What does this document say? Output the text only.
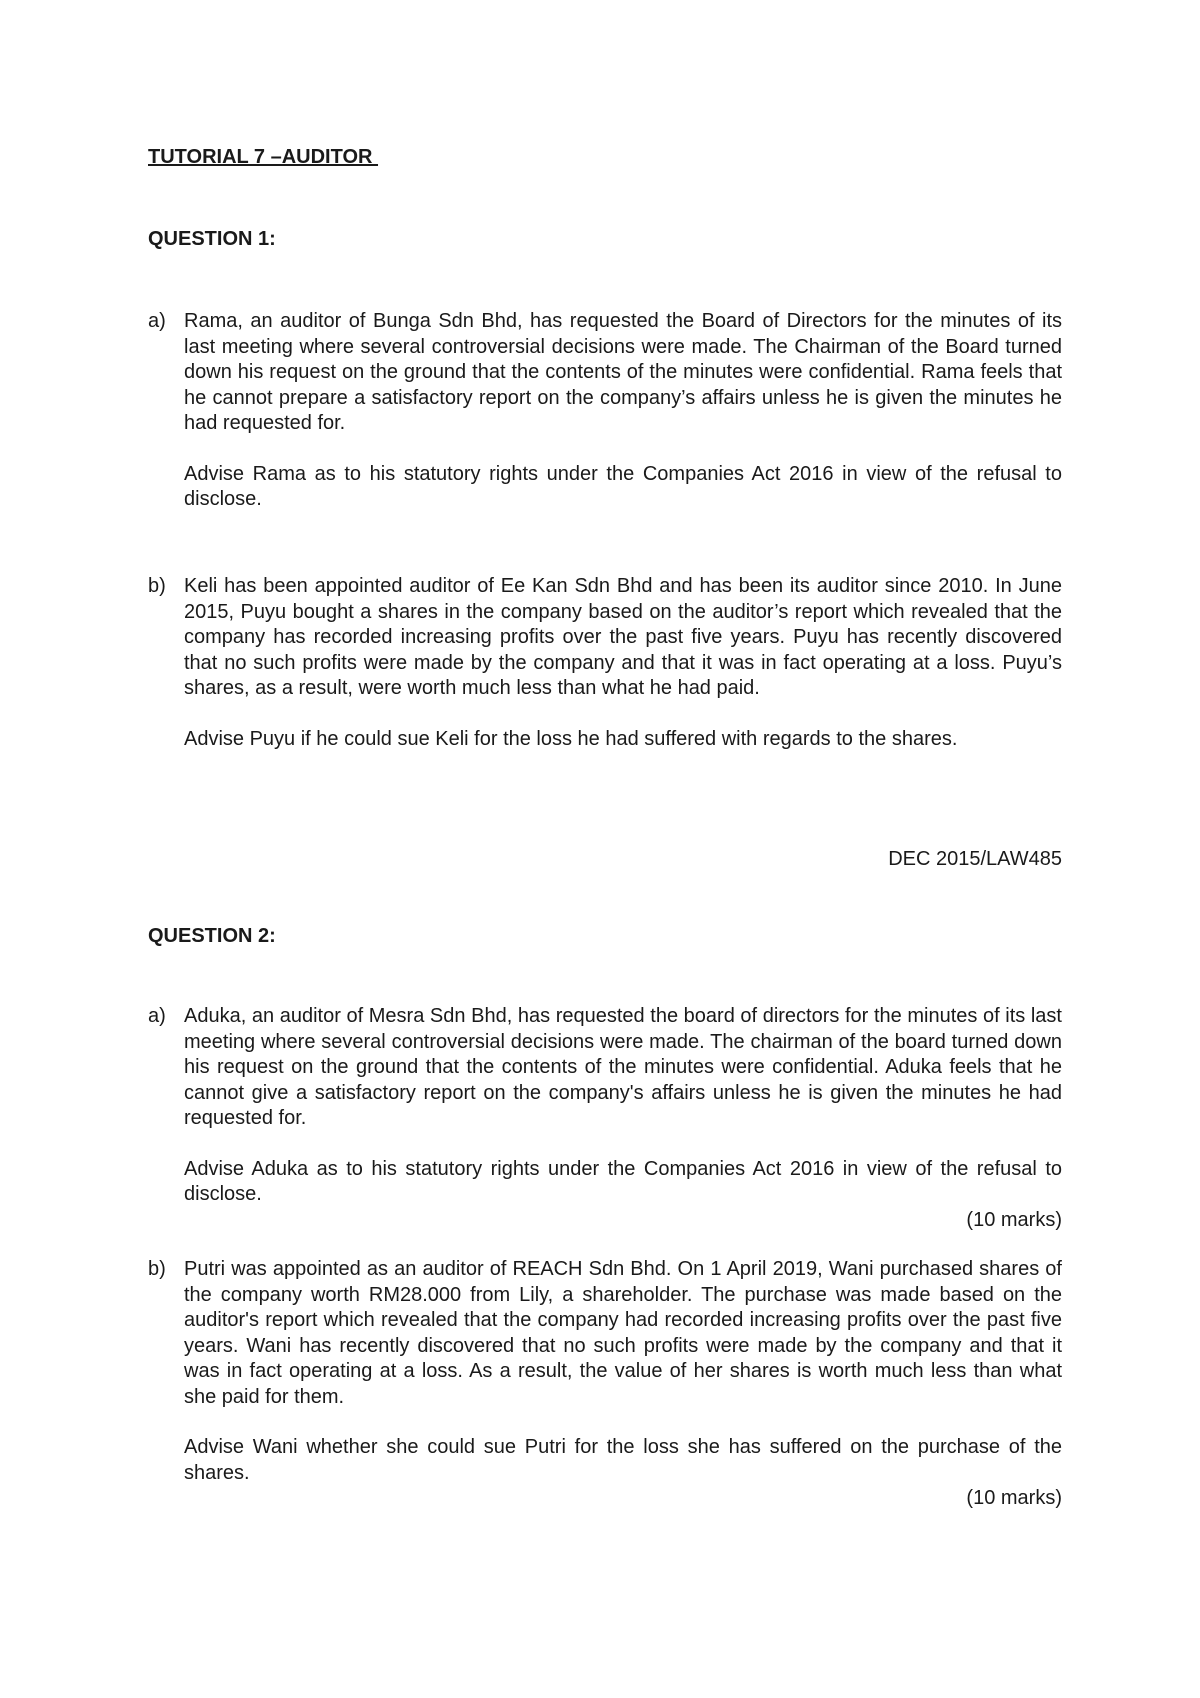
TUTORIAL 7 –AUDITOR
QUESTION 1:
a) Rama, an auditor of Bunga Sdn Bhd, has requested the Board of Directors for the minutes of its last meeting where several controversial decisions were made. The Chairman of the Board turned down his request on the ground that the contents of the minutes were confidential. Rama feels that he cannot prepare a satisfactory report on the company’s affairs unless he is given the minutes he had requested for.

Advise Rama as to his statutory rights under the Companies Act 2016 in view of the refusal to disclose.

b) Keli has been appointed auditor of Ee Kan Sdn Bhd and has been its auditor since 2010. In June 2015, Puyu bought a shares in the company based on the auditor’s report which revealed that the company has recorded increasing profits over the past five years. Puyu has recently discovered that no such profits were made by the company and that it was in fact operating at a loss. Puyu’s shares, as a result, were worth much less than what he had paid.

Advise Puyu if he could sue Keli for the loss he had suffered with regards to the shares.

DEC 2015/LAW485
QUESTION 2:
a) Aduka, an auditor of Mesra Sdn Bhd, has requested the board of directors for the minutes of its last meeting where several controversial decisions were made. The chairman of the board turned down his request on the ground that the contents of the minutes were confidential. Aduka feels that he cannot give a satisfactory report on the company's affairs unless he is given the minutes he had requested for.

Advise Aduka as to his statutory rights under the Companies Act 2016 in view of the refusal to disclose.

(10 marks)
b) Putri was appointed as an auditor of REACH Sdn Bhd. On 1 April 2019, Wani purchased shares of the company worth RM28.000 from Lily, a shareholder. The purchase was made based on the auditor's report which revealed that the company had recorded increasing profits over the past five years. Wani has recently discovered that no such profits were made by the company and that it was in fact operating at a loss. As a result, the value of her shares is worth much less than what she paid for them.

Advise Wani whether she could sue Putri for the loss she has suffered on the purchase of the shares.

(10 marks)
